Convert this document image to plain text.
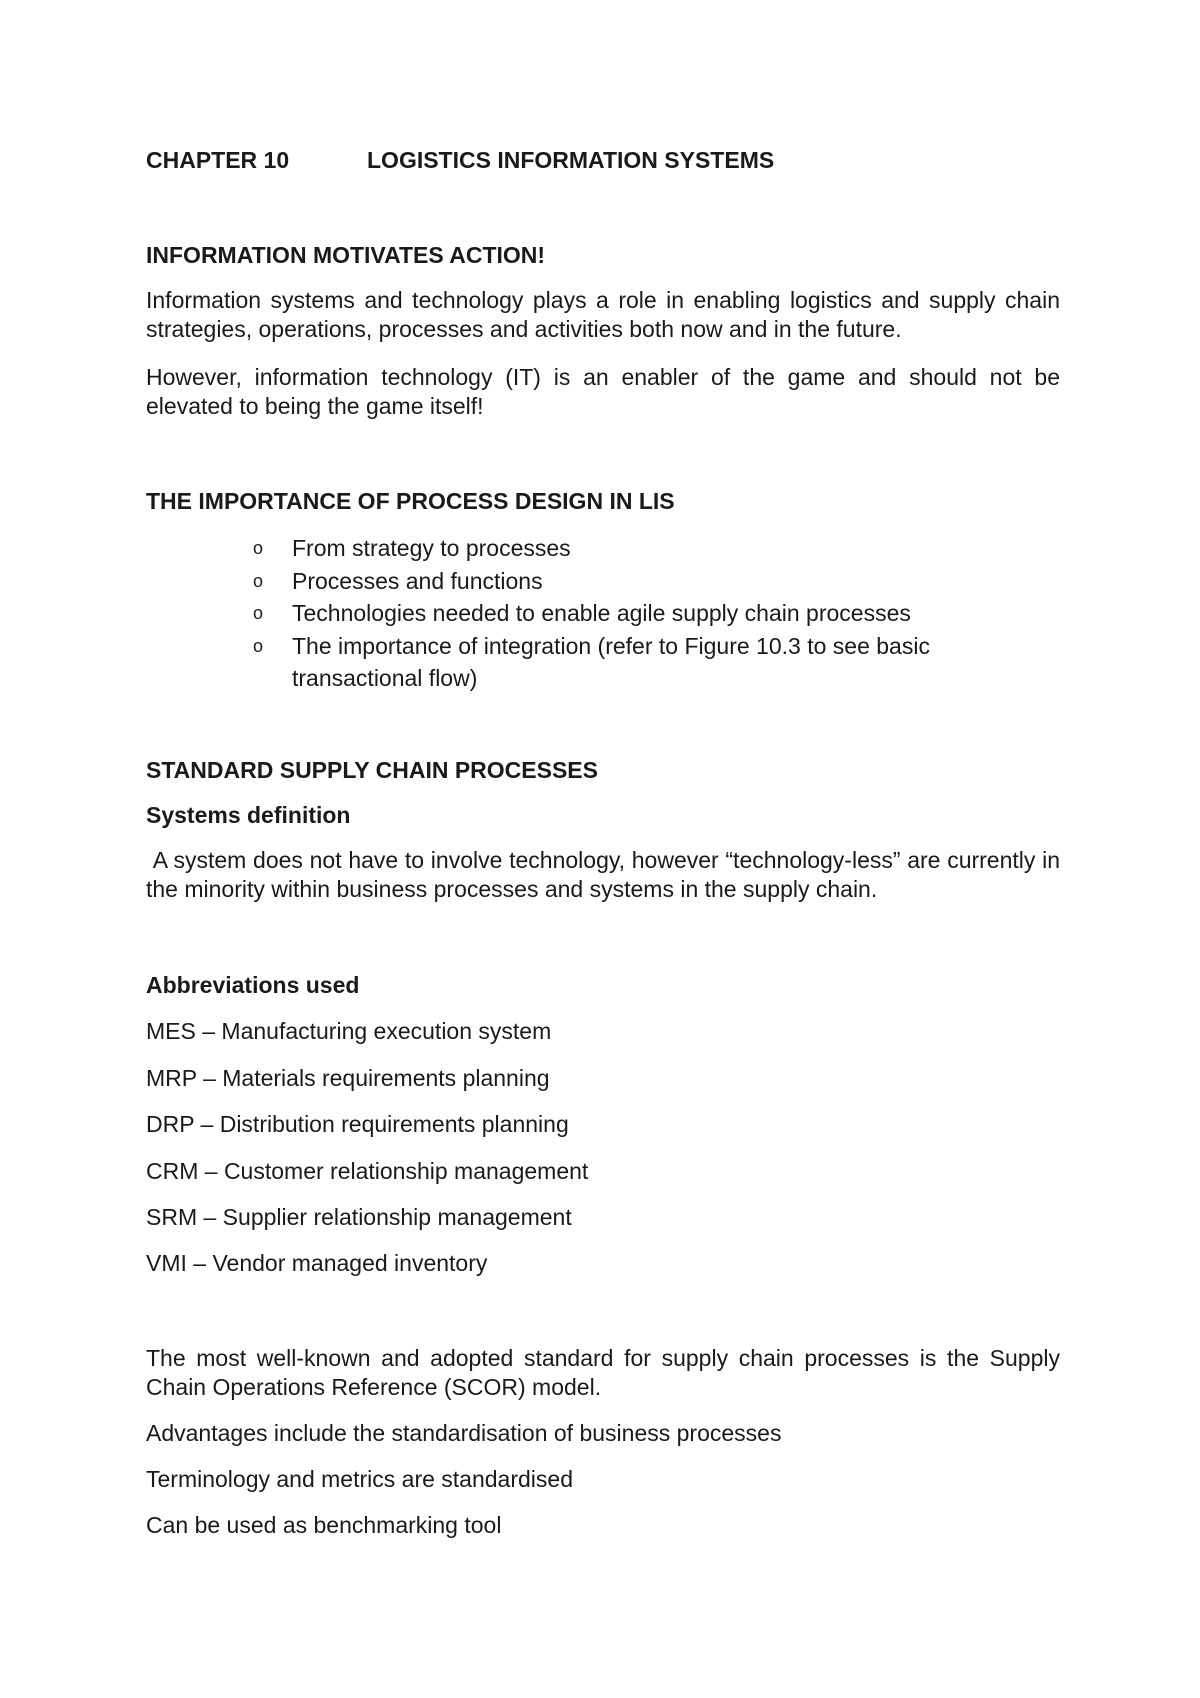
CHAPTER 10	LOGISTICS INFORMATION SYSTEMS
INFORMATION MOTIVATES ACTION!

Information systems and technology plays a role in enabling logistics and supply chain strategies, operations, processes and activities both now and in the future.

However, information technology (IT) is an enabler of the game and should not be elevated to being the game itself!

THE IMPORTANCE OF PROCESS DESIGN IN LIS
o From strategy to processes
o Processes and functions
o Technologies needed to enable agile supply chain processes
o The importance of integration (refer to Figure 10.3 to see basic transactional flow)
STANDARD SUPPLY CHAIN PROCESSES
Systems definition

A system does not have to involve technology, however “technology-less” are currently in the minority within business processes and systems in the supply chain.

Abbreviations used
MES – Manufacturing execution system
MRP – Materials requirements planning
DRP – Distribution requirements planning
CRM – Customer relationship management
SRM – Supplier relationship management
VMI – Vendor managed inventory

The most well-known and adopted standard for supply chain processes is the Supply Chain Operations Reference (SCOR) model.

Advantages include the standardisation of business processes
Terminology and metrics are standardised
Can be used as benchmarking tool
